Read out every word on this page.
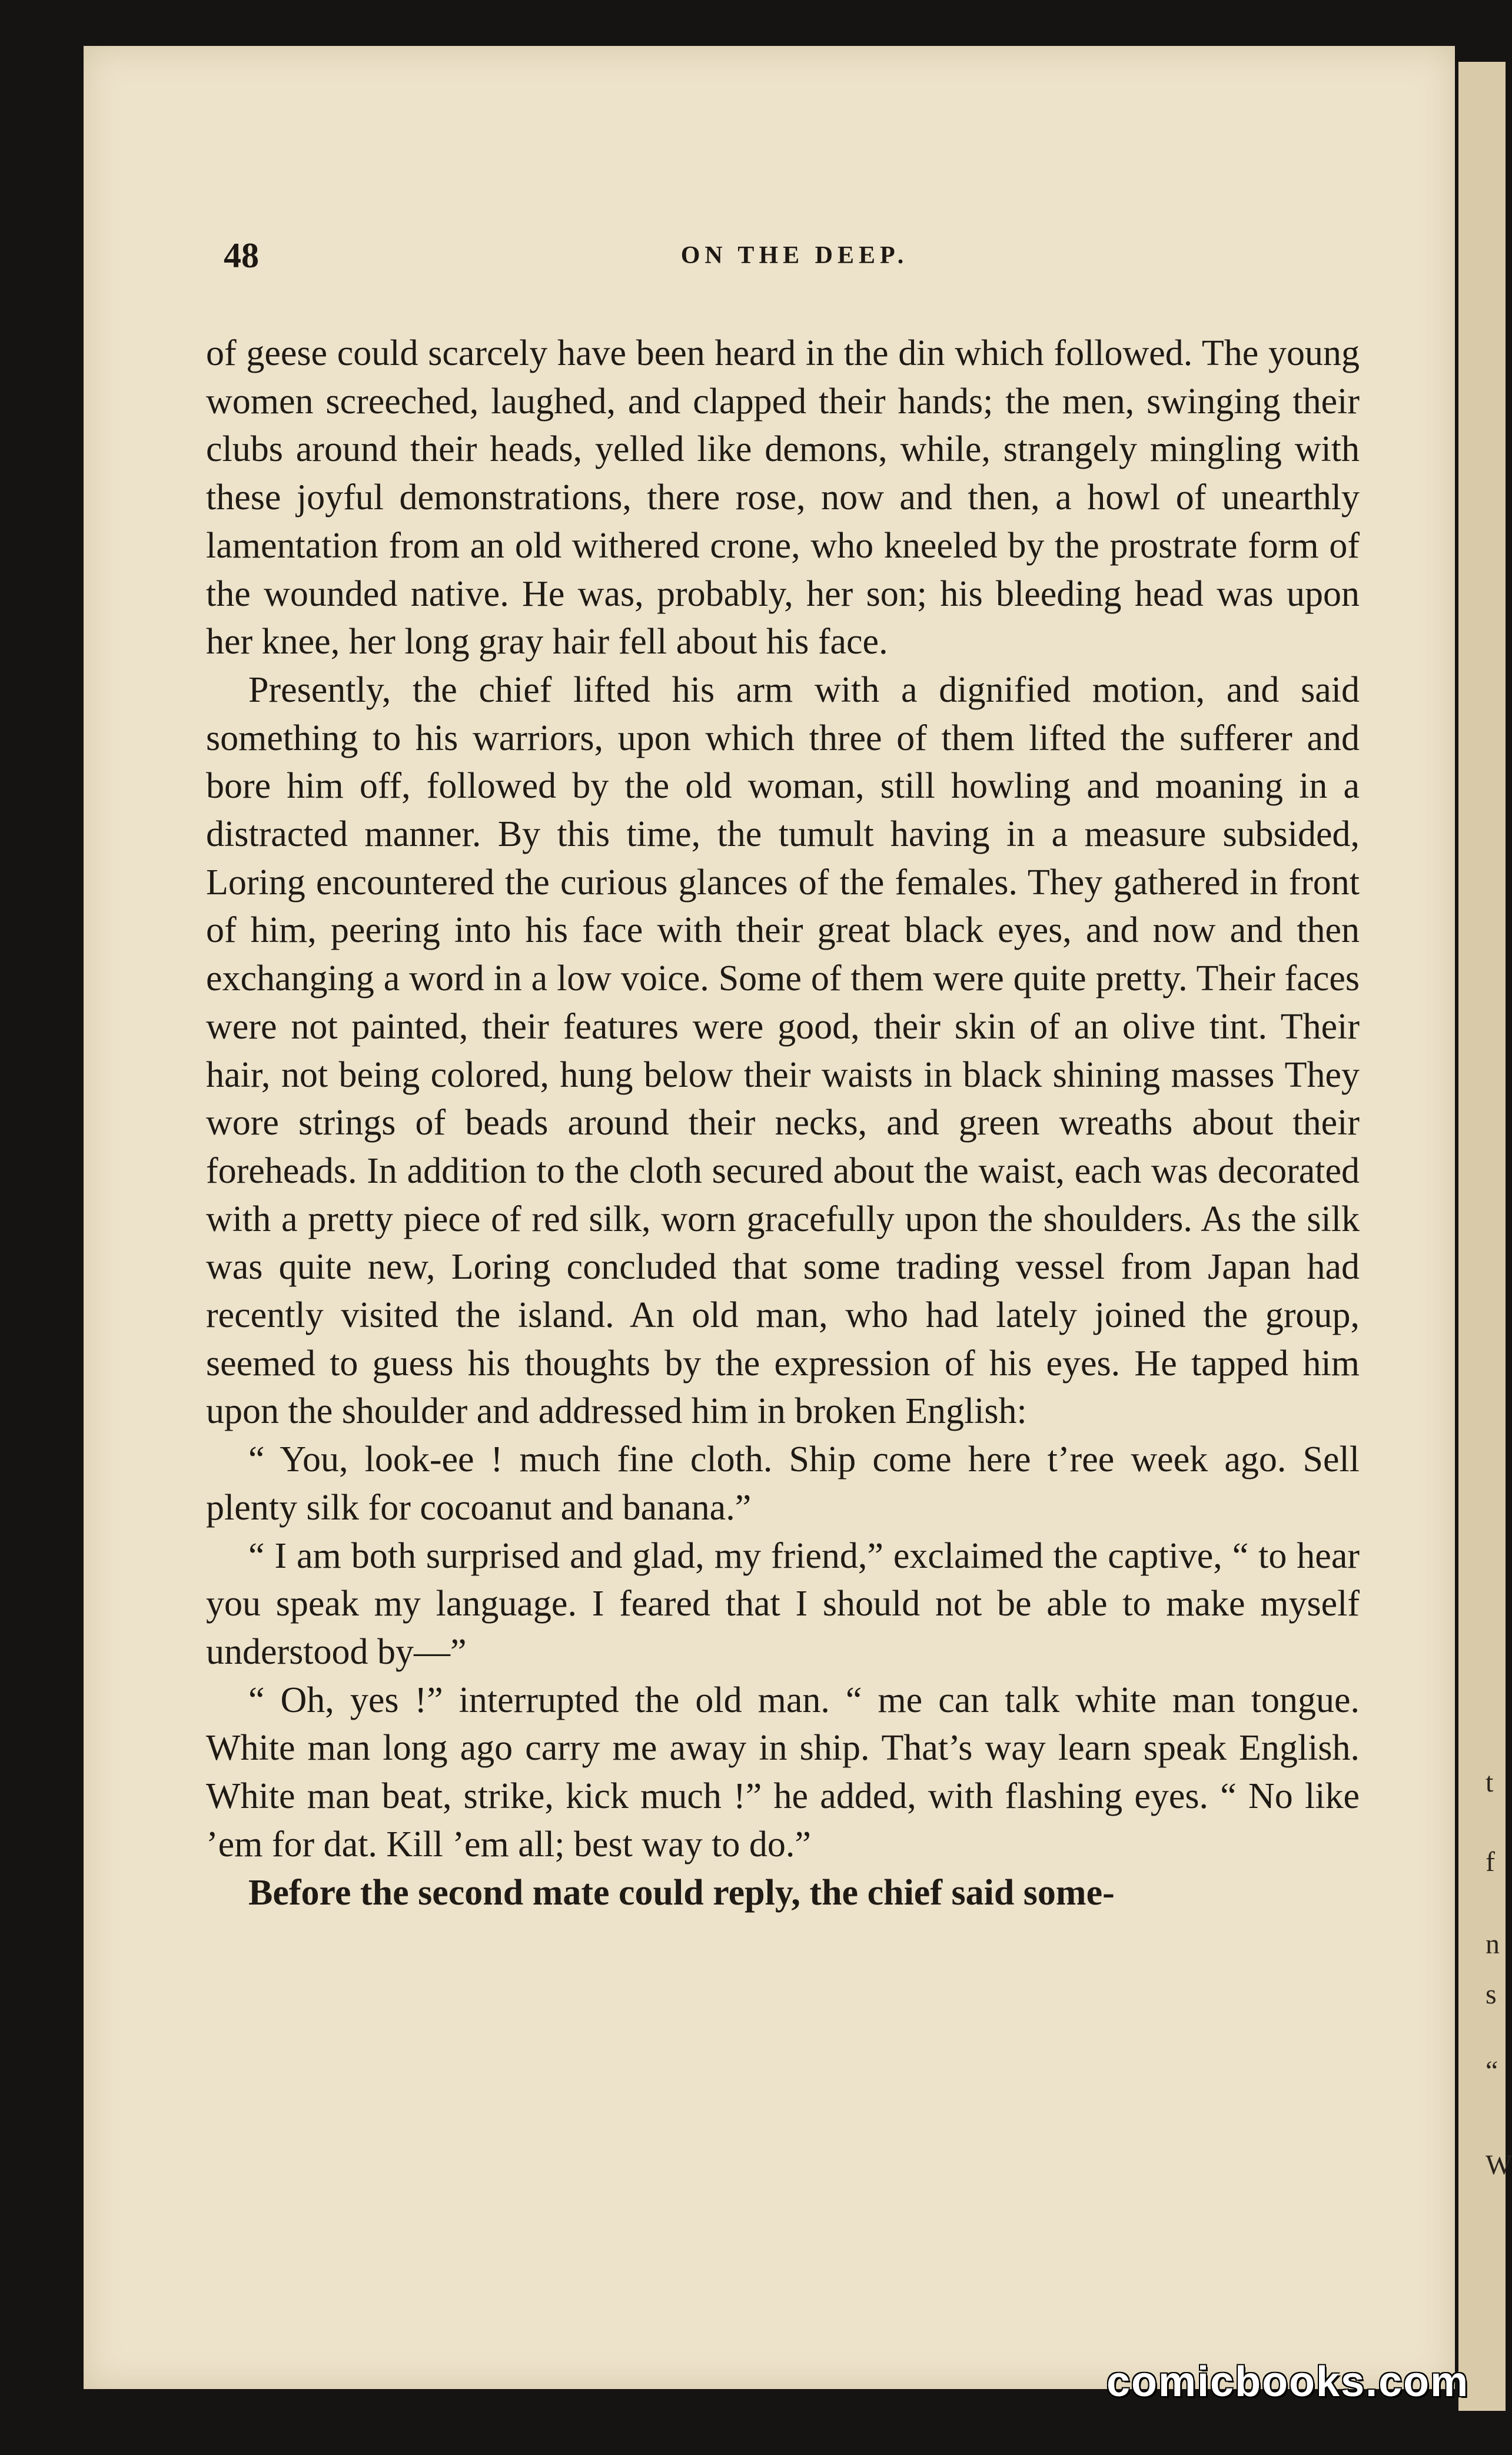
t
f
n
s
“
W
48	ON THE DEEP.

of geese could scarcely have been heard in the din which followed. The young women screeched, laughed, and clapped their hands; the men, swinging their clubs around their heads, yelled like demons, while, strangely mingling with these joyful demonstrations, there rose, now and then, a howl of unearthly lamentation from an old withered crone, who kneeled by the prostrate form of the wounded native. He was, probably, her son; his bleeding head was upon her knee, her long gray hair fell about his face.

Presently, the chief lifted his arm with a dignified motion, and said something to his warriors, upon which three of them lifted the sufferer and bore him off, followed by the old woman, still howling and moaning in a distracted manner. By this time, the tumult having in a measure subsided, Loring encountered the curious glances of the females. They gathered in front of him, peering into his face with their great black eyes, and now and then exchanging a word in a low voice. Some of them were quite pretty. Their faces were not painted, their features were good, their skin of an olive tint. Their hair, not being colored, hung below their waists in black shining masses They wore strings of beads around their necks, and green wreaths about their foreheads. In addition to the cloth secured about the waist, each was decorated with a pretty piece of red silk, worn gracefully upon the shoulders. As the silk was quite new, Loring concluded that some trading vessel from Japan had recently visited the island. An old man, who had lately joined the group, seemed to guess his thoughts by the expression of his eyes. He tapped him upon the shoulder and addressed him in broken English:

“ You, look-ee ! much fine cloth. Ship come here t’ree week ago. Sell plenty silk for cocoanut and banana.”

“ I am both surprised and glad, my friend,” exclaimed the captive, “ to hear you speak my language. I feared that I should not be able to make myself understood by—”

“ Oh, yes !” interrupted the old man. “ me can talk white man tongue. White man long ago carry me away in ship. That’s way learn speak English. White man beat, strike, kick much !” he added, with flashing eyes. “ No like ’em for dat. Kill ’em all; best way to do.”

Before the second mate could reply, the chief said some-

comicbooks.com
